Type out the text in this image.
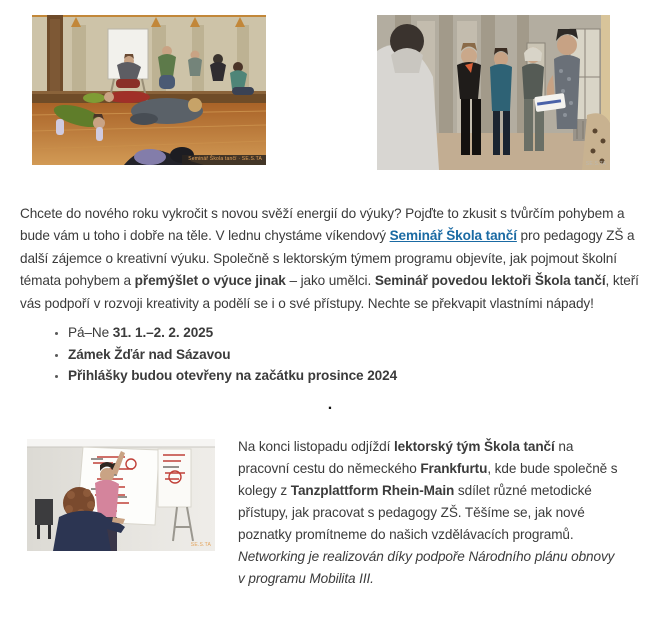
Seminář Škola tančí · SE.S.TA
SE.S.TA

Chcete do nového roku vykročit s novou svěží energií do výuky? Pojďte to zkusit s tvůrčím pohybem a bude vám u toho i dobře na těle. V lednu chystáme víkendový Seminář Škola tančí pro pedagogy ZŠ a další zájemce o kreativní výuku. Společně s lektorským týmem programu objevíte, jak pojmout školní témata pohybem a přemýšlet o výuce jinak – jako umělci. Seminář povedou lektoři Škola tančí, kteří vás podpoří v rozvoji kreativity a podělí se i o své přístupy. Nechte se překvapit vlastními nápady!

• Pá–Ne 31. 1.–2. 2. 2025
• Zámek Žďár nad Sázavou
• Přihlášky budou otevřeny na začátku prosince 2024
.
SE.S.TA

Na konci listopadu odjíždí lektorský tým Škola tančí na pracovní cestu do německého Frankfurtu, kde bude společně s kolegy z Tanzplattform Rhein-Main sdílet různé metodické přístupy, jak pracovat s pedagogy ZŠ. Těšíme se, jak nové poznatky promítneme do našich vzdělávacích programů. Networking je realizován díky podpoře Národního plánu obnovy v programu Mobilita III.
